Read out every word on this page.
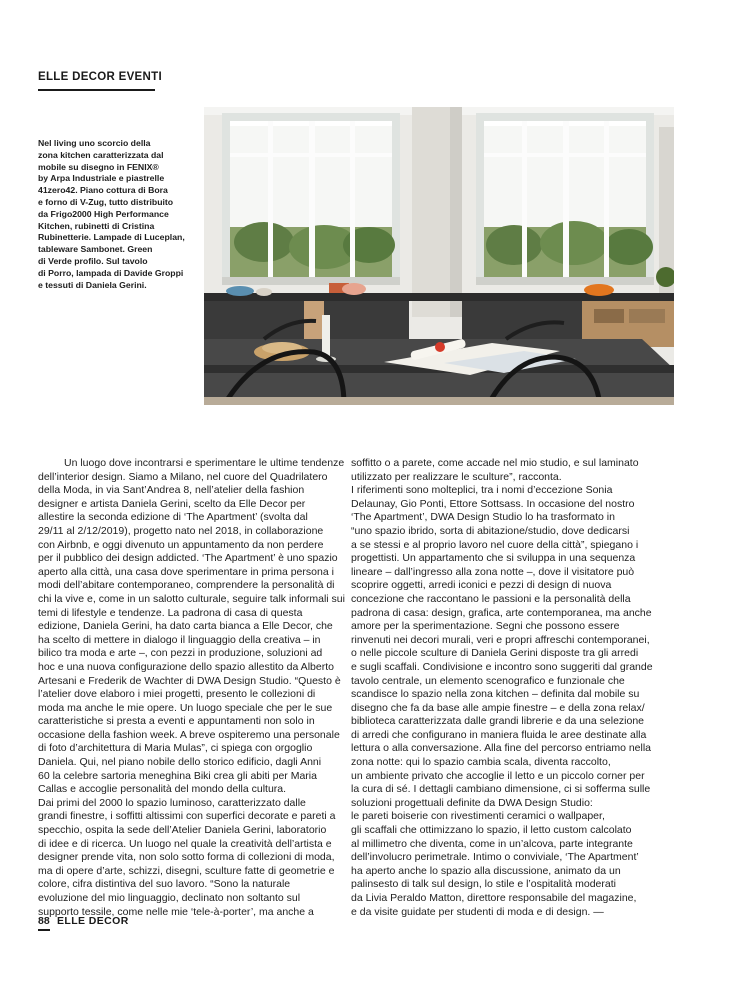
ELLE DECOR EVENTI
Nel living uno scorcio della
zona kitchen caratterizzata dal
mobile su disegno in FENIX®
by Arpa Industriale e piastrelle
41zero42. Piano cottura di Bora
e forno di V-Zug, tutto distribuito
da Frigo2000 High Performance
Kitchen, rubinetti di Cristina
Rubinetterie. Lampade di Luceplan,
tableware Sambonet. Green
di Verde profilo. Sul tavolo
di Porro, lampada di Davide Groppi
e tessuti di Daniela Gerini.
Un luogo dove incontrarsi e sperimentare le ultime tendenze
dell’interior design. Siamo a Milano, nel cuore del Quadrilatero
della Moda, in via Sant’Andrea 8, nell’atelier della fashion
designer e artista Daniela Gerini, scelto da Elle Decor per
allestire la seconda edizione di ‘The Apartment’ (svolta dal
29/11 al 2/12/2019), progetto nato nel 2018, in collaborazione
con Airbnb, e oggi divenuto un appuntamento da non perdere
per il pubblico dei design addicted. ‘The Apartment’ è uno spazio
aperto alla città, una casa dove sperimentare in prima persona i
modi dell’abitare contemporaneo, comprendere la personalità di
chi la vive e, come in un salotto culturale, seguire talk informali sui
temi di lifestyle e tendenze. La padrona di casa di questa
edizione, Daniela Gerini, ha dato carta bianca a Elle Decor, che
ha scelto di mettere in dialogo il linguaggio della creativa – in
bilico tra moda e arte –, con pezzi in produzione, soluzioni ad
hoc e una nuova configurazione dello spazio allestito da Alberto
Artesani e Frederik de Wachter di DWA Design Studio. “Questo è
l’atelier dove elaboro i miei progetti, presento le collezioni di
moda ma anche le mie opere. Un luogo speciale che per le sue
caratteristiche si presta a eventi e appuntamenti non solo in
occasione della fashion week. A breve ospiteremo una personale
di foto d’architettura di Maria Mulas”, ci spiega con orgoglio
Daniela. Qui, nel piano nobile dello storico edificio, dagli Anni
60 la celebre sartoria meneghina Biki crea gli abiti per Maria
Callas e accoglie personalità del mondo della cultura.
Dai primi del 2000 lo spazio luminoso, caratterizzato dalle
grandi finestre, i soffitti altissimi con superfici decorate e pareti a
specchio, ospita la sede dell’Atelier Daniela Gerini, laboratorio
di idee e di ricerca. Un luogo nel quale la creatività dell’artista e
designer prende vita, non solo sotto forma di collezioni di moda,
ma di opere d’arte, schizzi, disegni, sculture fatte di geometrie e
colore, cifra distintiva del suo lavoro. “Sono la naturale
evoluzione del mio linguaggio, declinato non soltanto sul
supporto tessile, come nelle mie ‘tele-à-porter’, ma anche a
soffitto o a parete, come accade nel mio studio, e sul laminato
utilizzato per realizzare le sculture”, racconta.
I riferimenti sono molteplici, tra i nomi d’eccezione Sonia
Delaunay, Gio Ponti, Ettore Sottsass. In occasione del nostro
‘The Apartment’, DWA Design Studio lo ha trasformato in
“uno spazio ibrido, sorta di abitazione/studio, dove dedicarsi
a se stessi e al proprio lavoro nel cuore della città”, spiegano i
progettisti. Un appartamento che si sviluppa in una sequenza
lineare – dall’ingresso alla zona notte –, dove il visitatore può
scoprire oggetti, arredi iconici e pezzi di design di nuova
concezione che raccontano le passioni e la personalità della
padrona di casa: design, grafica, arte contemporanea, ma anche
amore per la sperimentazione. Segni che possono essere
rinvenuti nei decori murali, veri e propri affreschi contemporanei,
o nelle piccole sculture di Daniela Gerini disposte tra gli arredi
e sugli scaffali. Condivisione e incontro sono suggeriti dal grande
tavolo centrale, un elemento scenografico e funzionale che
scandisce lo spazio nella zona kitchen – definita dal mobile su
disegno che fa da base alle ampie finestre – e della zona relax/
biblioteca caratterizzata dalle grandi librerie e da una selezione
di arredi che configurano in maniera fluida le aree destinate alla
lettura o alla conversazione. Alla fine del percorso entriamo nella
zona notte: qui lo spazio cambia scala, diventa raccolto,
un ambiente privato che accoglie il letto e un piccolo corner per
la cura di sé. I dettagli cambiano dimensione, ci si sofferma sulle
soluzioni progettuali definite da DWA Design Studio:
le pareti boiserie con rivestimenti ceramici o wallpaper,
gli scaffali che ottimizzano lo spazio, il letto custom calcolato
al millimetro che diventa, come in un’alcova, parte integrante
dell’involucro perimetrale. Intimo o conviviale, ‘The Apartment’
ha aperto anche lo spazio alla discussione, animato da un
palinsesto di talk sul design, lo stile e l’ospitalità moderati
da Livia Peraldo Matton, direttore responsabile del magazine,
e da visite guidate per studenti di moda e di design. —
88 ELLE DECOR
